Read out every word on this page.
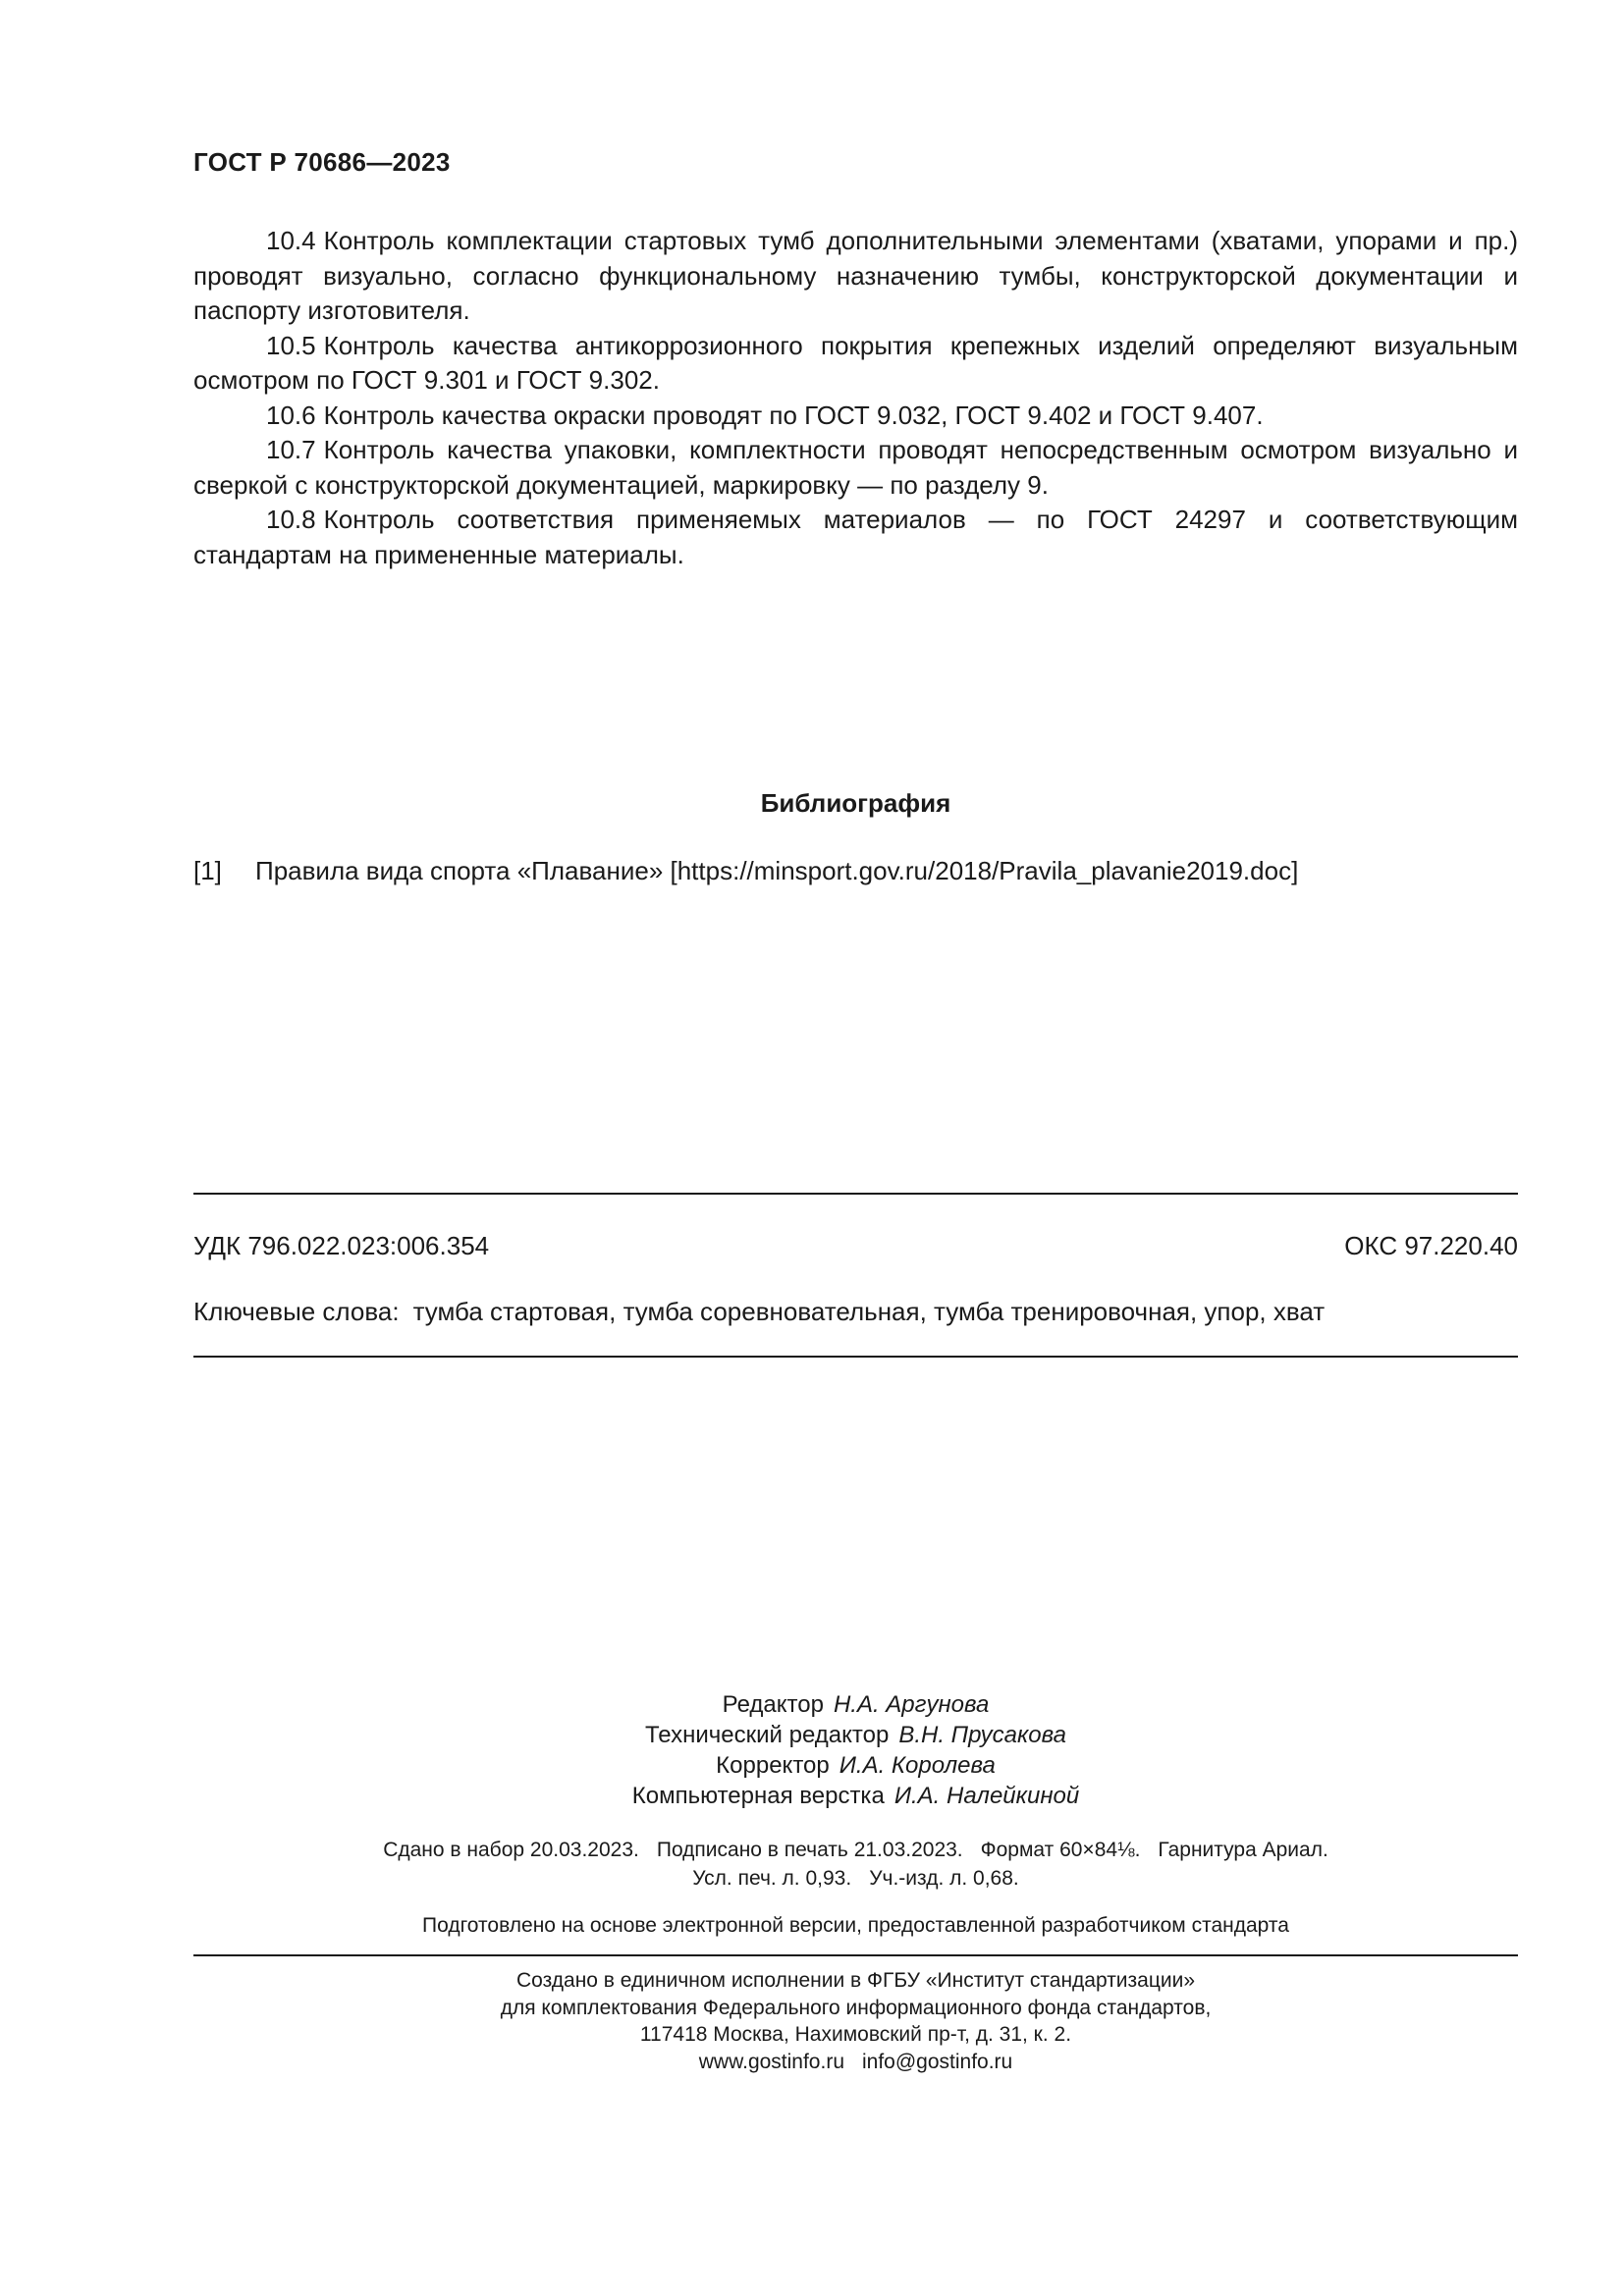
ГОСТ Р 70686—2023

10.4 Контроль комплектации стартовых тумб дополнительными элементами (хватами, упорами и пр.) проводят визуально, согласно функциональному назначению тумбы, конструкторской документации и паспорту изготовителя.

10.5 Контроль качества антикоррозионного покрытия крепежных изделий определяют визуальным осмотром по ГОСТ 9.301 и ГОСТ 9.302.

10.6 Контроль качества окраски проводят по ГОСТ 9.032, ГОСТ 9.402 и ГОСТ 9.407.

10.7 Контроль качества упаковки, комплектности проводят непосредственным осмотром визуально и сверкой с конструкторской документацией, маркировку — по разделу 9.

10.8 Контроль соответствия применяемых материалов — по ГОСТ 24297 и соответствующим стандартам на примененные материалы.

Библиография
[1]	Правила вида спорта «Плавание» [https://minsport.gov.ru/2018/Pravila_plavanie2019.doc]
УДК 796.022.023:006.354	ОКС 97.220.40
Ключевые слова: тумба стартовая, тумба соревновательная, тумба тренировочная, упор, хват

Редактор Н.А. Аргунова

Технический редактор В.Н. Прусакова

Корректор И.А. Королева

Компьютерная верстка И.А. Налейкиной

Сдано в набор 20.03.2023. Подписано в печать 21.03.2023. Формат 60×84⅛. Гарнитура Ариал.
Усл. печ. л. 0,93. Уч.-изд. л. 0,68.
Подготовлено на основе электронной версии, предоставленной разработчиком стандарта

Создано в единичном исполнении в ФГБУ «Институт стандартизации»

для комплектования Федерального информационного фонда стандартов,

117418 Москва, Нахимовский пр-т, д. 31, к. 2.

www.gostinfo.ru info@gostinfo.ru
